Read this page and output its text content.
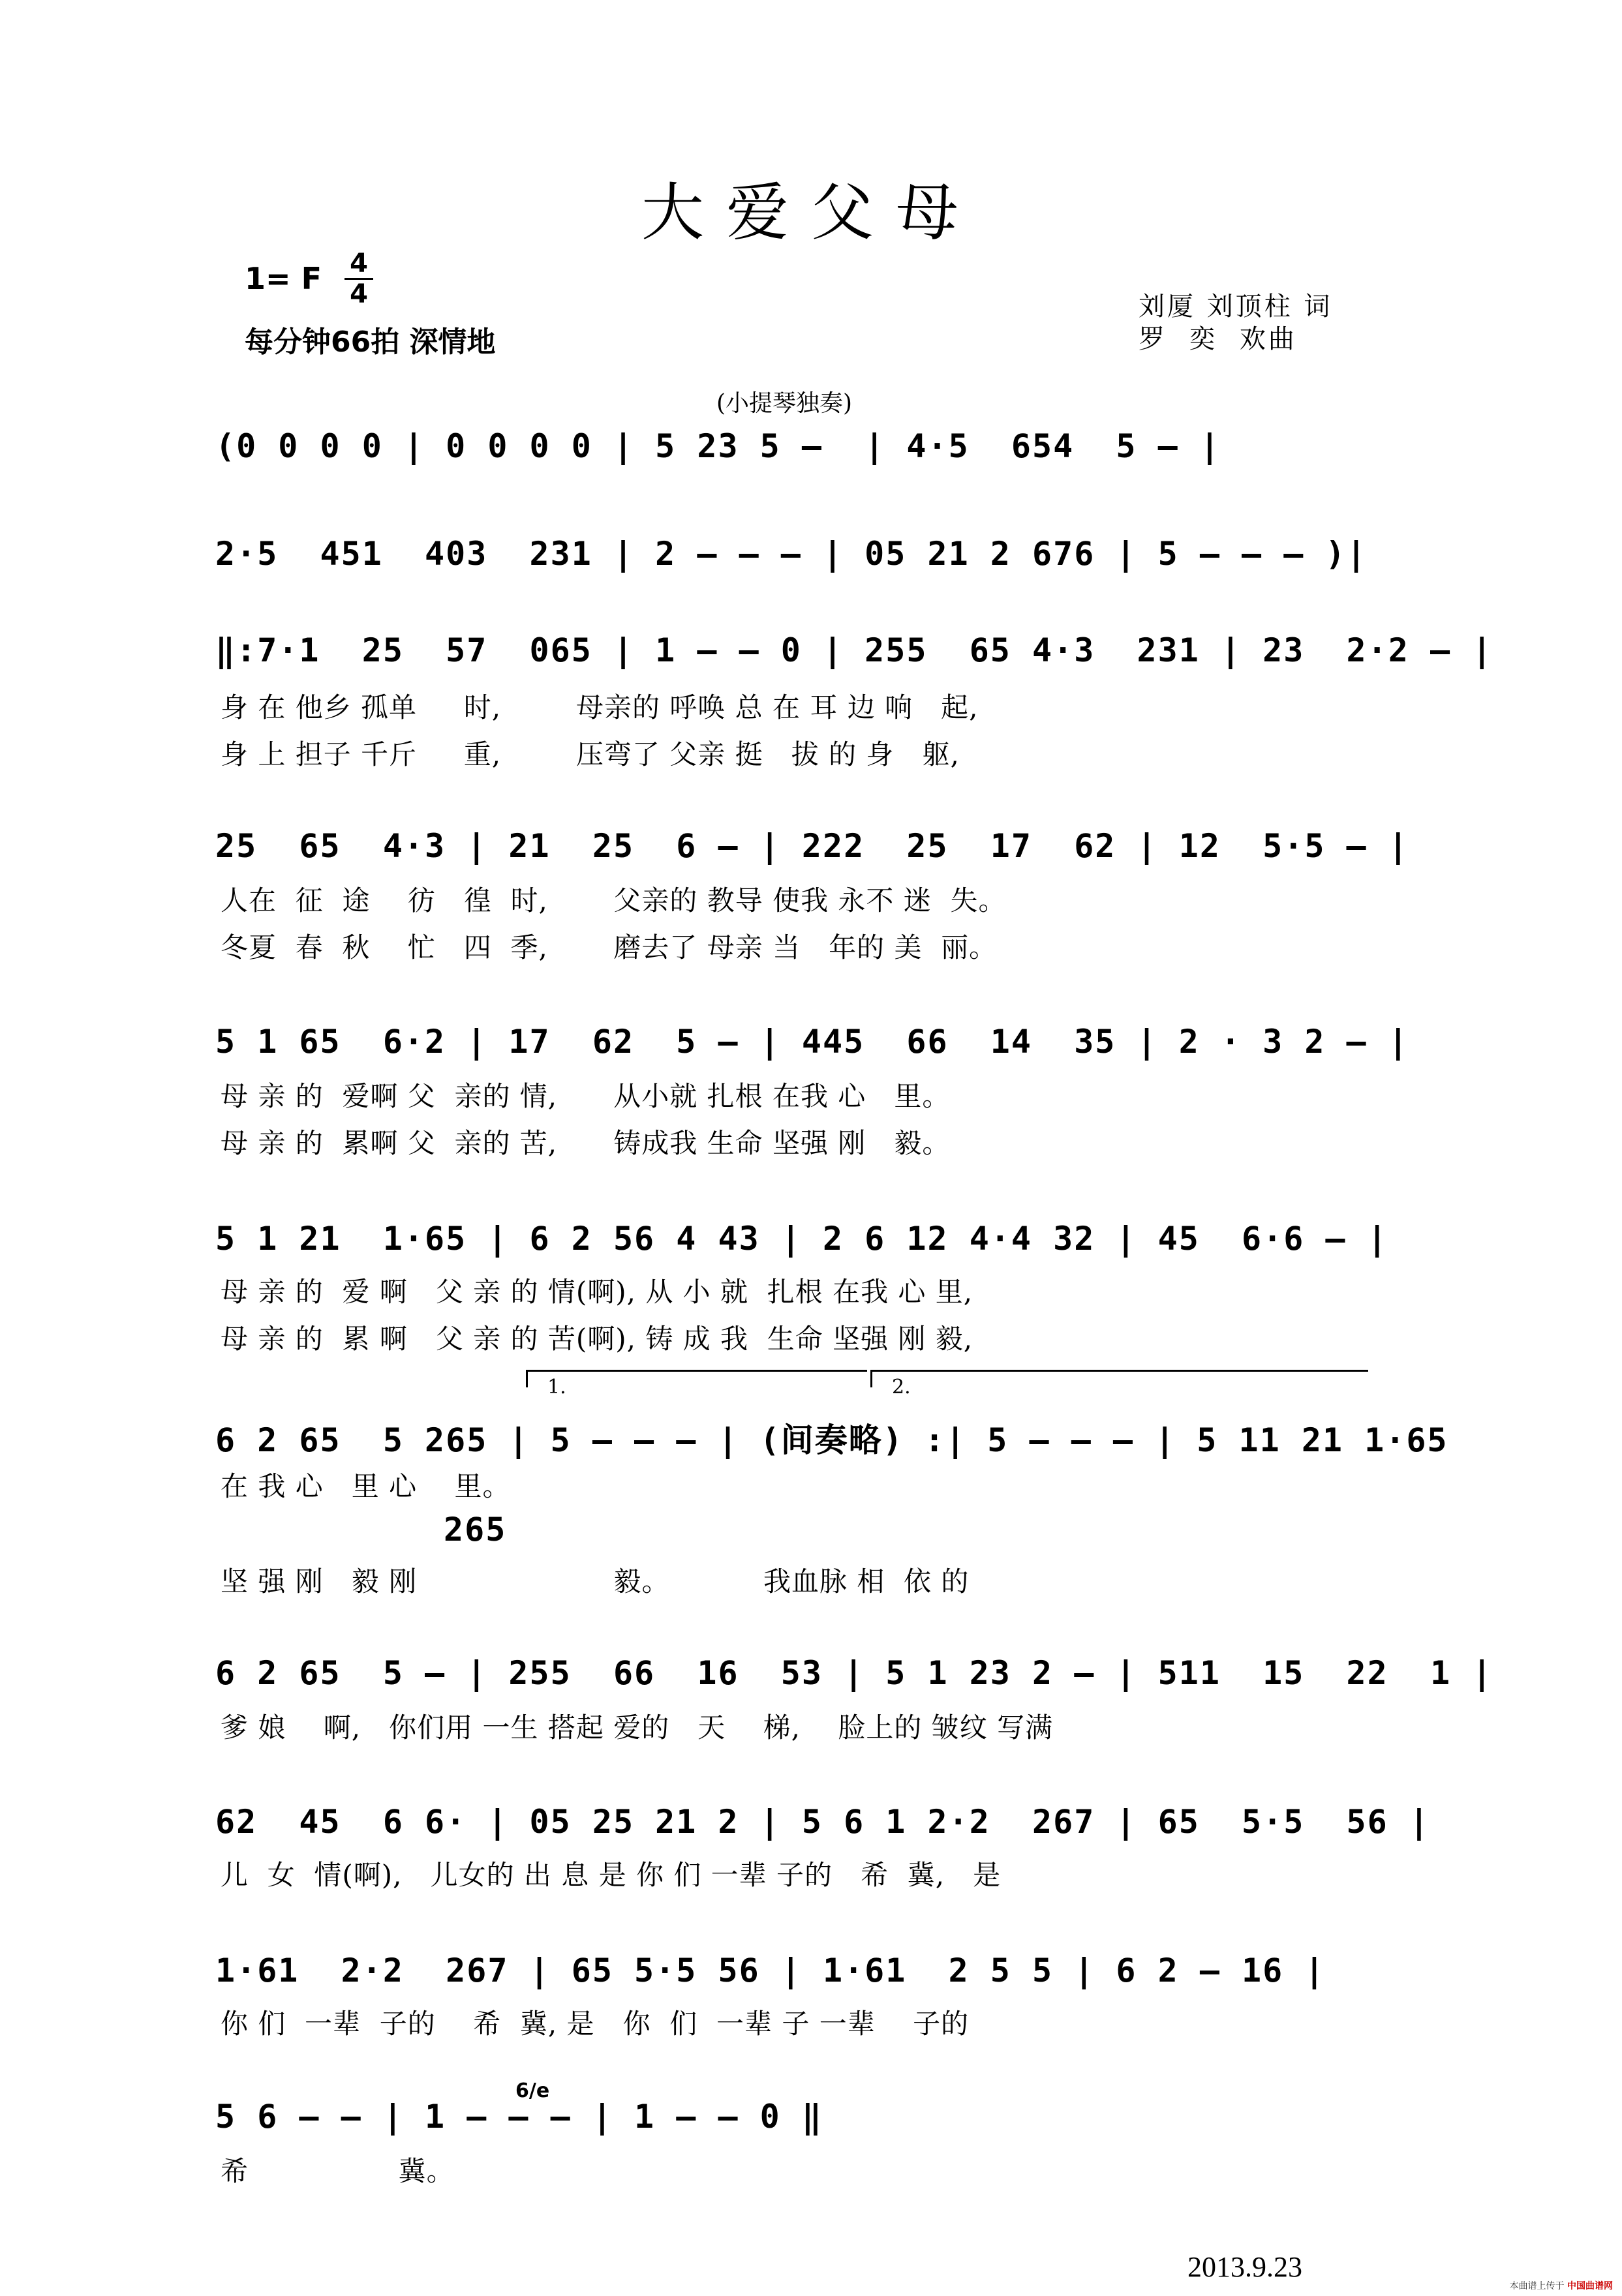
大爱父母
1= F 4
4
每分钟66拍 深情地
刘厦 刘顶柱 词
罗  奕  欢曲
(小提琴独奏)
(0 0 0 0 | 0 0 0 0 | 5 23 5 —  | 4·5  654  5 — |
2·5  451  403  231 | 2 — — — | 05 21 2 676 | 5 — — — )|
‖:7·1  25  57  065 | 1 — — 0 | 255  65 4·3  231 | 23  2·2 — |
身 在 他乡 孤单     时,        母亲的 呼唤 总 在 耳 边 响   起,
身 上 担子 千斤     重,        压弯了 父亲 挺   拔 的 身   躯,
25  65  4·3 | 21  25  6 — | 222  25  17  62 | 12  5·5 — |
人在  征  途    彷   徨  时,       父亲的 教导 使我 永不 迷  失。
冬夏  春  秋    忙   四  季,       磨去了 母亲 当   年的 美  丽。
5 1 65  6·2 | 17  62  5 — | 445  66  14  35 | 2 · 3 2 — |
母 亲 的  爱啊 父  亲的 情,      从小就 扎根 在我 心   里。
母 亲 的  累啊 父  亲的 苦,      铸成我 生命 坚强 刚   毅。
5 1 21  1·65 | 6 2 56 4 43 | 2 6 12 4·4 32 | 45  6·6 — |
母 亲 的  爱 啊   父 亲 的 情(啊), 从 小 就  扎根 在我 心 里,
母 亲 的  累 啊   父 亲 的 苦(啊), 铸 成 我  生命 坚强 刚 毅,
1.	2.
6 2 65  5 265 | 5 — — — | (间奏略) :| 5 — — — | 5 11 21 1·65
在 我 心   里 心    里。
265
坚 强 刚   毅 刚                     毅。          我血脉 相  依 的
6 2 65  5 — | 255  66  16  53 | 5 1 23 2 — | 511  15  22  1 |
爹 娘    啊,   你们用 一生 搭起 爱的   天    梯,    脸上的 皱纹 写满
62  45  6 6· | 05 25 21 2 | 5 6 1 2·2  267 | 65  5·5  56 |
儿  女  情(啊),   儿女的 出 息 是 你 们 一辈 子的   希  冀,   是
1·61  2·2  267 | 65 5·5 56 | 1·61  2 5 5 | 6 2 — 16 |
你 们  一辈  子的    希  冀, 是   你  们  一辈 子 一辈    子的
6/e
5 6 — — | 1 — — — | 1 — — 0 ‖
希                冀。
2013.9.23
本曲谱上传于 中国曲谱网
